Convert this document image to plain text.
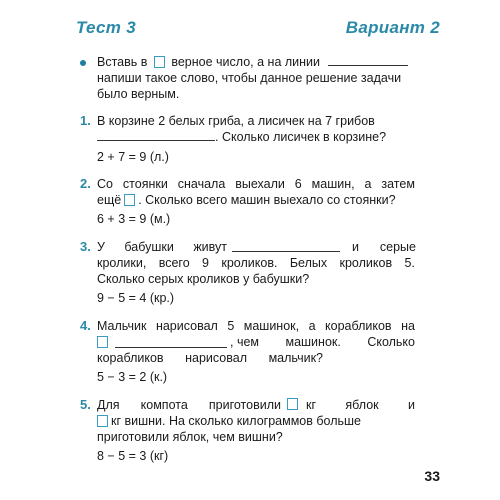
Тест 3	Вариант 2
Вставь в верное число, а на линии
напиши такое слово, чтобы данное решение задачи
было верным.
1. В корзине 2 белых гриба, а лисичек на 7 грибов
. Сколько лисичек в корзине?
2 + 7 = 9 (л.)
2. Со стоянки сначала выехали 6 машин, а затем
ещё . Сколько всего машин выехало со стоянки?
6 + 3 = 9 (м.)
3. У бабушки живут	и серые
кролики, всего 9 кроликов. Белых кроликов 5.
Сколько серых кроликов у бабушки?
9 − 5 = 4 (кр.)
4. Мальчик нарисовал 5 машинок, а корабликов на
, чем машинок. Сколько
корабликов нарисовал мальчик?
5 − 3 = 2 (к.)
5. Для компота приготовили кг яблок и
кг вишни. На сколько килограммов больше
приготовили яблок, чем вишни?
8 − 5 = 3 (кг)
33
